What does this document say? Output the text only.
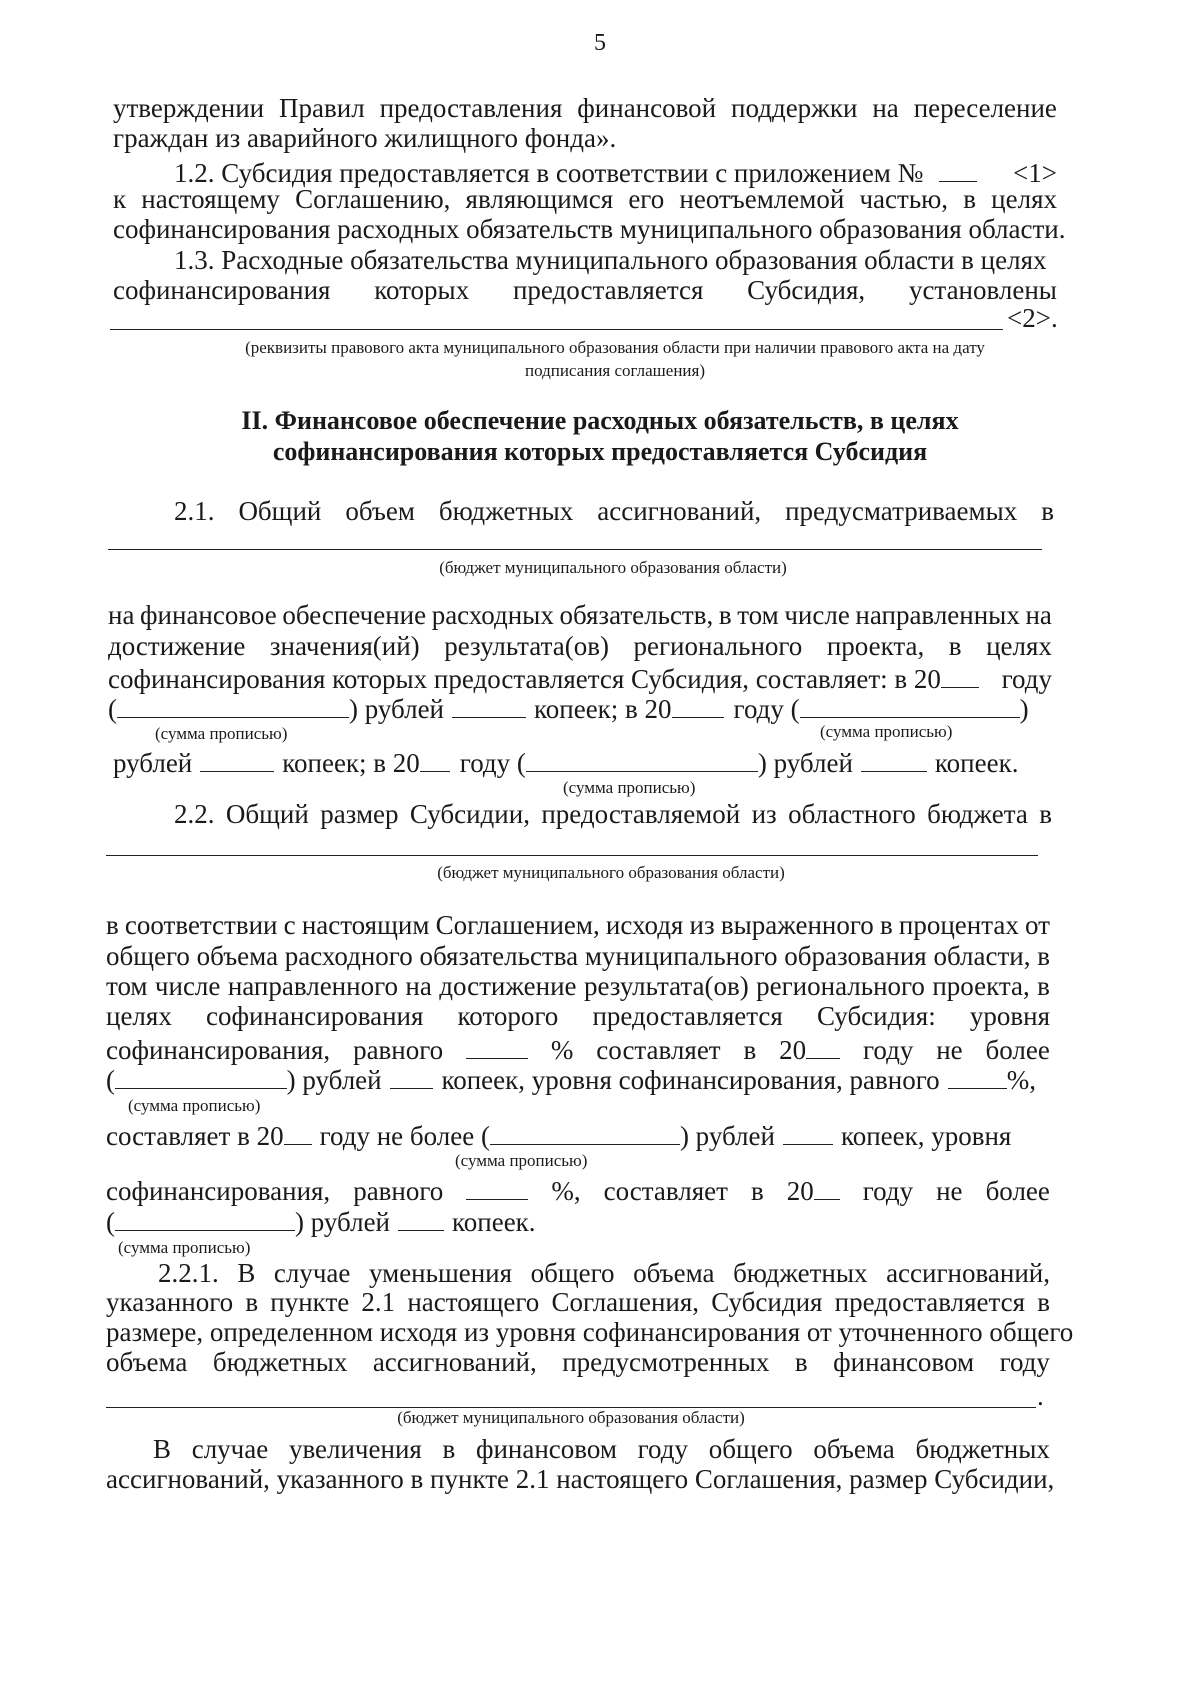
5
утверждении Правил предоставления финансовой поддержки на переселение
граждан из аварийного жилищного фонда».
1.2. Субсидия предоставляется в соответствии с приложением №	<1>
к настоящему Соглашению, являющимся его неотъемлемой частью, в целях
софинансирования расходных обязательств муниципального образования области.
1.3. Расходные обязательства муниципального образования области в целях
софинансирования которых предоставляется Субсидия, установлены
<2>.
(реквизиты правового акта муниципального образования области при наличии правового акта на дату
подписания соглашения)
II. Финансовое обеспечение расходных обязательств, в целях
софинансирования которых предоставляется Субсидия
2.1. Общий объем бюджетных ассигнований, предусматриваемых в
(бюджет муниципального образования области)
на финансовое обеспечение расходных обязательств, в том числе направленных на
достижение значения(ий) результата(ов) регионального проекта, в целях
софинансирования которых предоставляется Субсидия, составляет: в 20 году
(	) рублей	копеек; в 20 году (	)
(сумма прописью)	(сумма прописью)
рублей	копеек; в 20 году (	) рублей	копеек.
(сумма прописью)
2.2. Общий размер Субсидии, предоставляемой из областного бюджета в
(бюджет муниципального образования области)
в соответствии с настоящим Соглашением, исходя из выраженного в процентах от
общего объема расходного обязательства муниципального образования области, в
том числе направленного на достижение результата(ов) регионального проекта, в
целях софинансирования которого предоставляется Субсидия: уровня
софинансирования, равного	% составляет в 20 году не более
(	) рублей копеек, уровня софинансирования, равного %,
(сумма прописью)
составляет в 20 году не более (	) рублей копеек, уровня
(сумма прописью)
софинансирования, равного	%, составляет в 20 году не более
(	) рублей копеек.
(сумма прописью)
2.2.1. В случае уменьшения общего объема бюджетных ассигнований,
указанного в пункте 2.1 настоящего Соглашения, Субсидия предоставляется в
размере, определенном исходя из уровня софинансирования от уточненного общего
объема бюджетных ассигнований, предусмотренных в финансовом году
.
(бюджет муниципального образования области)
В случае увеличения в финансовом году общего объема бюджетных
ассигнований, указанного в пункте 2.1 настоящего Соглашения, размер Субсидии,
